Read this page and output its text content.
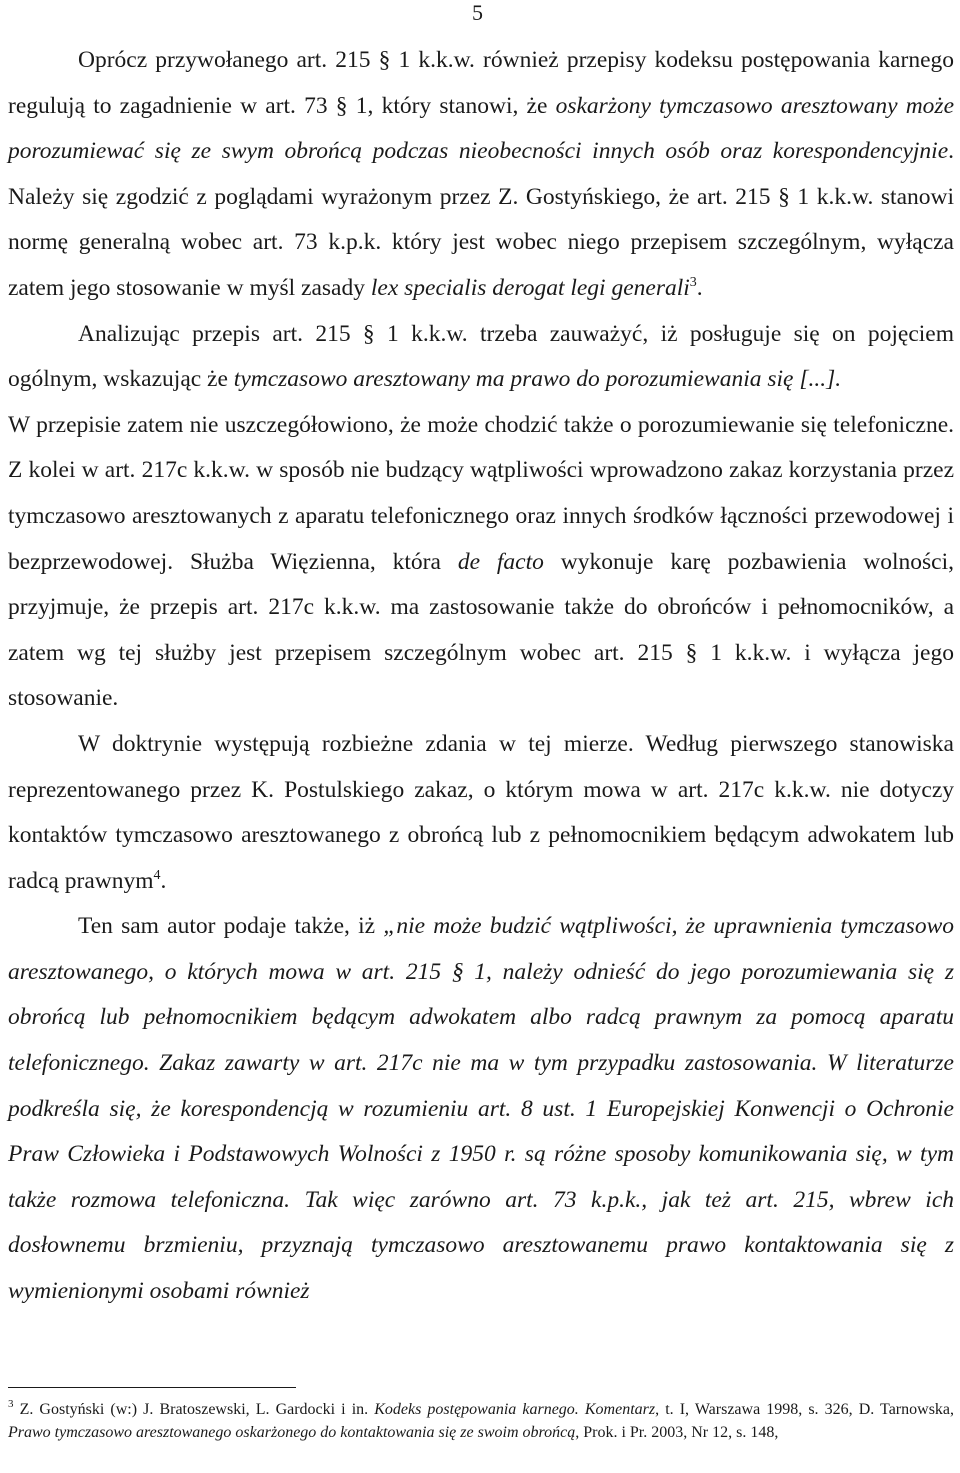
5

Oprócz przywołanego art. 215 § 1 k.k.w. również przepisy kodeksu postępowania karnego regulują to zagadnienie w art. 73 § 1, który stanowi, że oskarżony tymczasowo aresztowany może porozumiewać się ze swym obrońcą podczas nieobecności innych osób oraz korespondencyjnie. Należy się zgodzić z poglądami wyrażonym przez Z. Gostyńskiego, że art. 215 § 1 k.k.w. stanowi normę generalną wobec art. 73 k.p.k. który jest wobec niego przepisem szczególnym, wyłącza zatem jego stosowanie w myśl zasady lex specialis derogat legi generali$^3$.

Analizując przepis art. 215 § 1 k.k.w. trzeba zauważyć, iż posługuje się on pojęciem ogólnym, wskazując że tymczasowo aresztowany ma prawo do porozumiewania się [...].

W przepisie zatem nie uszczegółowiono, że może chodzić także o porozumiewanie się telefoniczne. Z kolei w art. 217c k.k.w. w sposób nie budzący wątpliwości wprowadzono zakaz korzystania przez tymczasowo aresztowanych z aparatu telefonicznego oraz innych środków łączności przewodowej i bezprzewodowej. Służba Więzienna, która de facto wykonuje karę pozbawienia wolności, przyjmuje, że przepis art. 217c k.k.w. ma zastosowanie także do obrońców i pełnomocników, a zatem wg tej służby jest przepisem szczególnym wobec art. 215 § 1 k.k.w. i wyłącza jego stosowanie.

W doktrynie występują rozbieżne zdania w tej mierze. Według pierwszego stanowiska reprezentowanego przez K. Postulskiego zakaz, o którym mowa w art. 217c k.k.w. nie dotyczy kontaktów tymczasowo aresztowanego z obrońcą lub z pełnomocnikiem będącym adwokatem lub radcą prawnym$^4$.

Ten sam autor podaje także, iż „nie może budzić wątpliwości, że uprawnienia tymczasowo aresztowanego, o których mowa w art. 215 § 1, należy odnieść do jego porozumiewania się z obrońcą lub pełnomocnikiem będącym adwokatem albo radcą prawnym za pomocą aparatu telefonicznego. Zakaz zawarty w art. 217c nie ma w tym przypadku zastosowania. W literaturze podkreśla się, że korespondencją w rozumieniu art. 8 ust. 1 Europejskiej Konwencji o Ochronie Praw Człowieka i Podstawowych Wolności z 1950 r. są różne sposoby komunikowania się, w tym także rozmowa telefoniczna. Tak więc zarówno art. 73 k.p.k., jak też art. 215, wbrew ich dosłownemu brzmieniu, przyznają tymczasowo aresztowanemu prawo kontaktowania się z wymienionymi osobami również

$^3$ Z. Gostyński (w:) J. Bratoszewski, L. Gardocki i in. Kodeks postępowania karnego. Komentarz, t. I, Warszawa 1998, s. 326, D. Tarnowska, Prawo tymczasowo aresztowanego oskarżonego do kontaktowania się ze swoim obrońcą, Prok. i Pr. 2003, Nr 12, s. 148,
